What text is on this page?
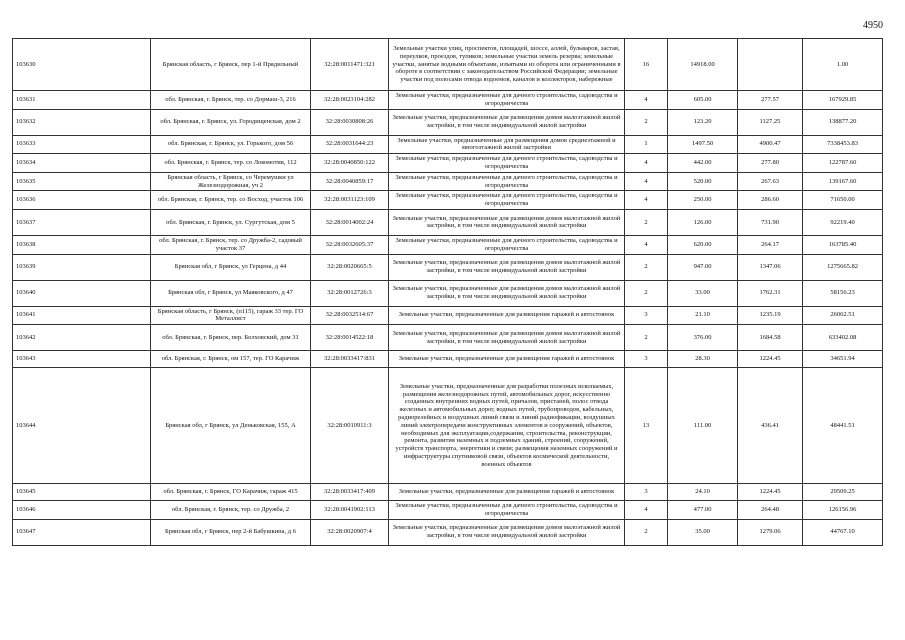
4950
103630	Брянская область, г Брянск, пер 1-й Прядильный	32:28:0011471:321	Земельные участки улиц, проспектов, площадей, шоссе, аллей, бульваров, застав, переулков, проездов, тупиков; земельные участки земель резерва; земельные участки, занятые водными объектами, изъятыми из оборота или ограниченными в обороте в соответствии с законодательством Российской Федерации; земельные участки под полосами отвода водоемов, каналов и коллекторов, набережные	16	14918.00		1.00
103631	обл. Брянская, г. Брянск, тер. со Дормаш-3, 216	32:28:0023104:282	Земельные участки, предназначенные для дачного строительства, садоводства и огородничества	4	605.00	277.57	167929.85
103632	обл. Брянская, г. Брянск, ул. Городищенская, дом 2	32:28:0030808:26	Земельные участки, предназначенные для размещения домов малоэтажной жилой застройки, в том числе индивидуальной жилой застройки	2	123.20	1127.25	138877.20
103633	обл. Брянская, г. Брянск, ул. Горького, дом 56	32:28:0031644:23	Земельные участки, предназначенные для размещения домов среднеэтажной и многоэтажной жилой застройки	1	1497.50	4900.47	7338453.83
103634	обл. Брянская, г. Брянск, тер. со Локомотив, 112	32:28:0040850:122	Земельные участки, предназначенные для дачного строительства, садоводства и огородничества	4	442.00	277.80	122787.60
103635	Брянская область, г Брянск, со Черемушки ул Железнодорожная, уч 2	32:28:0040859:17	Земельные участки, предназначенные для дачного строительства, садоводства и огородничества	4	520.00	267.63	139167.60
103636	обл. Брянская, г. Брянск, тер. со Восход, участок 106	32:28:0031123:109	Земельные участки, предназначенные для дачного строительства, садоводства и огородничества	4	250.00	286.60	71650.00
103637	обл. Брянская, г. Брянск, ул. Сургутская, дом 5	32:28:0014002:24	Земельные участки, предназначенные для размещения домов малоэтажной жилой застройки, в том числе индивидуальной жилой застройки	2	126.00	731.90	92219.40
103638	обл. Брянская, г. Брянск, тер. со Дружба-2, садовый участок 37	32:28:0032605:37	Земельные участки, предназначенные для дачного строительства, садоводства и огородничества	4	620.00	264.17	163785.40
103639	Брянская обл, г Брянск, ул Герцена, д 44	32:28:0020665:5	Земельные участки, предназначенные для размещения домов малоэтажной жилой застройки, в том числе индивидуальной жилой застройки	2	947.00	1347.06	1275665.82
103640	Брянская обл, г Брянск, ул Маяковского, д 47	32:28:0012726:3	Земельные участки, предназначенные для размещения домов малоэтажной жилой застройки, в том числе индивидуальной жилой застройки	2	33.00	1762.31	58156.23
103641	Брянская область, г Брянск, (п115), гараж 33 тер. ГО Металлист	32:28:0032514:67	Земельные участки, предназначенные для размещения гаражей и автостоянок	3	21.10	1235.19	26062.51
103642	обл. Брянская, г. Брянск, пер. Болховский, дом 31	32:28:0014522:18	Земельные участки, предназначенные для размещения домов малоэтажной жилой застройки, в том числе индивидуальной жилой застройки	2	376.00	1684.58	633402.08
103643	обл. Брянская, г. Брянск, ом 157, тер. ГО Карачиж	32:28:0033417:831	Земельные участки, предназначенные для размещения гаражей и автостоянок	3	28.30	1224.45	34651.94
103644	Брянская обл, г Брянск, ул Деньковская, 155, А	32:28:0010911:3	Земельные участки, предназначенные для разработки полезных ископаемых, размещения железнодорожных путей, автомобильных дорог, искусственно созданных внутренних водных путей, причалов, пристаней, полос отвода железных и автомобильных дорог, водных путей, трубопроводов, кабельных, радиорелейных и воздушных линий связи и линий радиофикации, воздушных линий электропередачи конструктивных элементов и сооружений, объектов, необходимых для эксплуатации,содержания, строительства, реконструкции, ремонта, развития наземных и подземных зданий, строений, сооружений, устройств транспорта, энергетики и связи; размещения наземных сооружений и инфраструктуры спутниковой связи, объектов космической деятельности, военных объектов	13	111.00	436.41	48441.51
103645	обл. Брянская, г. Брянск, ГО Карачиж, гараж 415	32:28:0033417:409	Земельные участки, предназначенные для размещения гаражей и автостоянок	3	24.10	1224.45	29509.25
103646	обл. Брянская, г. Брянск, тер. со Дружба, 2	32:28:0041902:113	Земельные участки, предназначенные для дачного строительства, садоводства и огородничества	4	477.00	264.48	126156.96
103647	Брянская обл, г Брянск, пер 2-й Бабушкина, д 6	32:28:0020907:4	Земельные участки, предназначенные для размещения домов малоэтажной жилой застройки, в том числе индивидуальной жилой застройки	2	35.00	1279.06	44767.10
